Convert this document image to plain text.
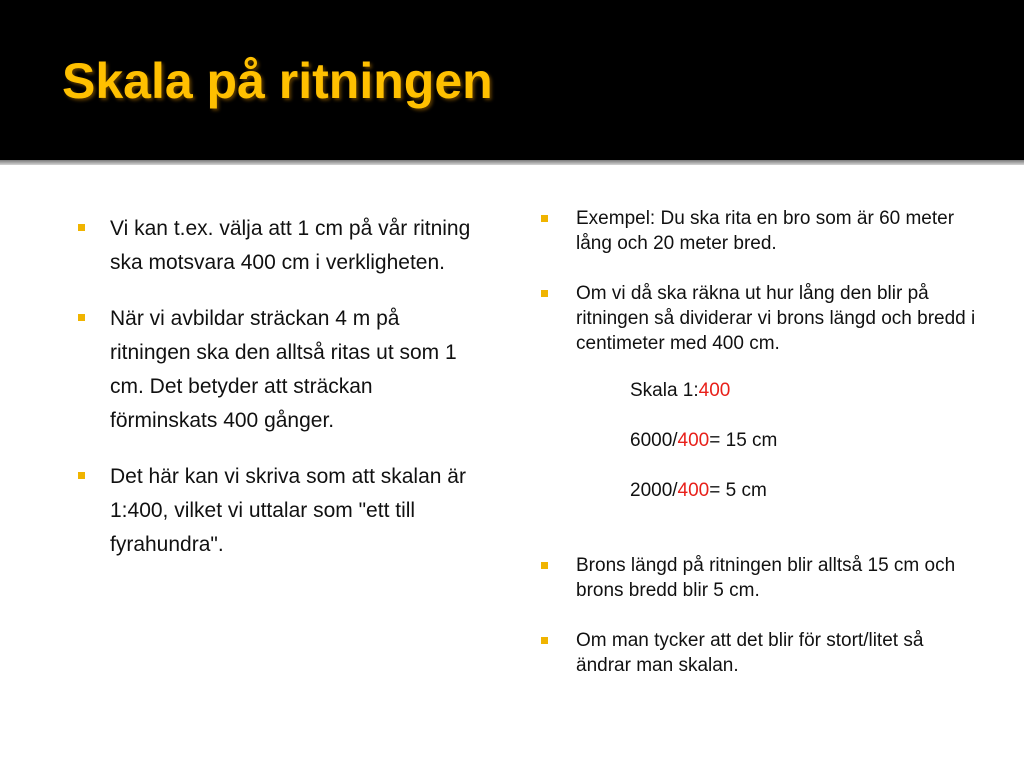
Skala på ritningen
Vi kan t.ex. välja att 1 cm på vår ritning ska motsvara 400 cm i verkligheten.
När vi avbildar sträckan 4 m på ritningen ska den alltså ritas ut som 1 cm. Det betyder att sträckan förminskats 400 gånger.
Det här kan vi skriva som att skalan är 1:400, vilket vi uttalar som "ett till fyrahundra".
Exempel: Du ska rita en bro som är 60 meter lång och 20 meter bred.
Om vi då ska räkna ut hur lång den blir på ritningen så dividerar vi brons längd och bredd i centimeter med 400 cm.

Skala 1:400

6000/400= 15 cm

2000/400= 5 cm

Brons längd på ritningen blir alltså 15 cm och brons bredd blir 5 cm.
Om man tycker att det blir för stort/litet så ändrar man skalan.
